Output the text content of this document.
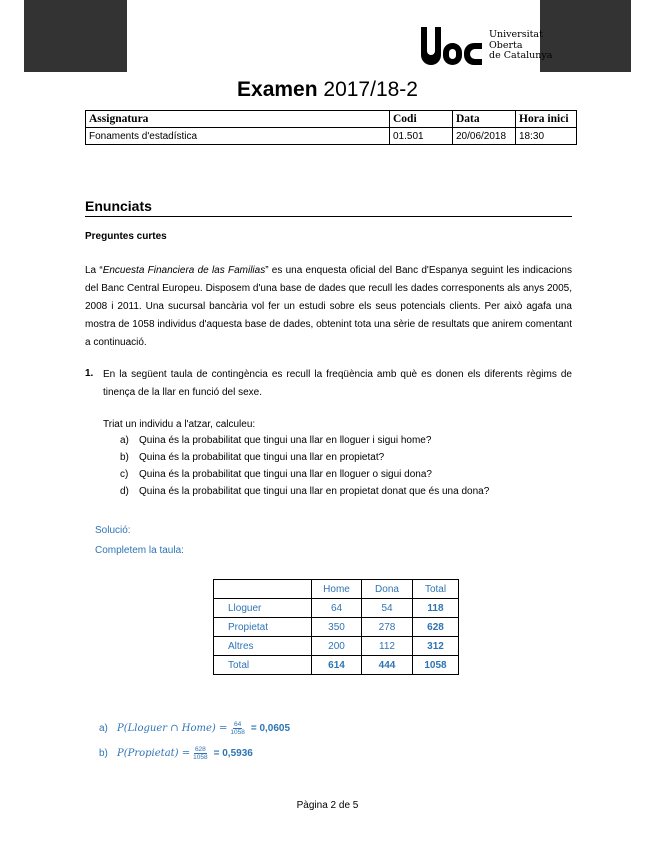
Universitat
Oberta
de Catalunya
Examen 2017/18-2
Assignatura	Codi	Data	Hora inici
Fonaments d'estadística	01.501	20/06/2018	18:30
Enunciats
Preguntes curtes
La “Encuesta Financiera de las Familias” es una enquesta oficial del Banc d'Espanya seguint les indicacions del Banc Central Europeu. Disposem d'una base de dades que recull les dades corresponents als anys 2005, 2008 i 2011. Una sucursal bancària vol fer un estudi sobre els seus potencials clients. Per això agafa una mostra de 1058 individus d'aquesta base de dades, obtenint tota una sèrie de resultats que anirem comentant a continuació.
1. En la següent taula de contingència es recull la freqüència amb què es donen els diferents règims de tinença de la llar en funció del sexe.
Triat un individu a l'atzar, calculeu:
a)	Quina és la probabilitat que tingui una llar en lloguer i sigui home?
b)	Quina és la probabilitat que tingui una llar en propietat?
c)	Quina és la probabilitat que tingui una llar en lloguer o sigui dona?
d)	Quina és la probabilitat que tingui una llar en propietat donat que és una dona?
Solució:
Completem la taula:
	Home	Dona	Total
Lloguer	64	54	118
Propietat	350	278	628
Altres	200	112	312
Total	614	444	1058
a) P(Lloguer ∩ Home) = $\frac{64}{1058} = 0,0605$
b) P(Propietat) = $\frac{628}{1058} = 0,5936$
Pàgina 2 de 5
